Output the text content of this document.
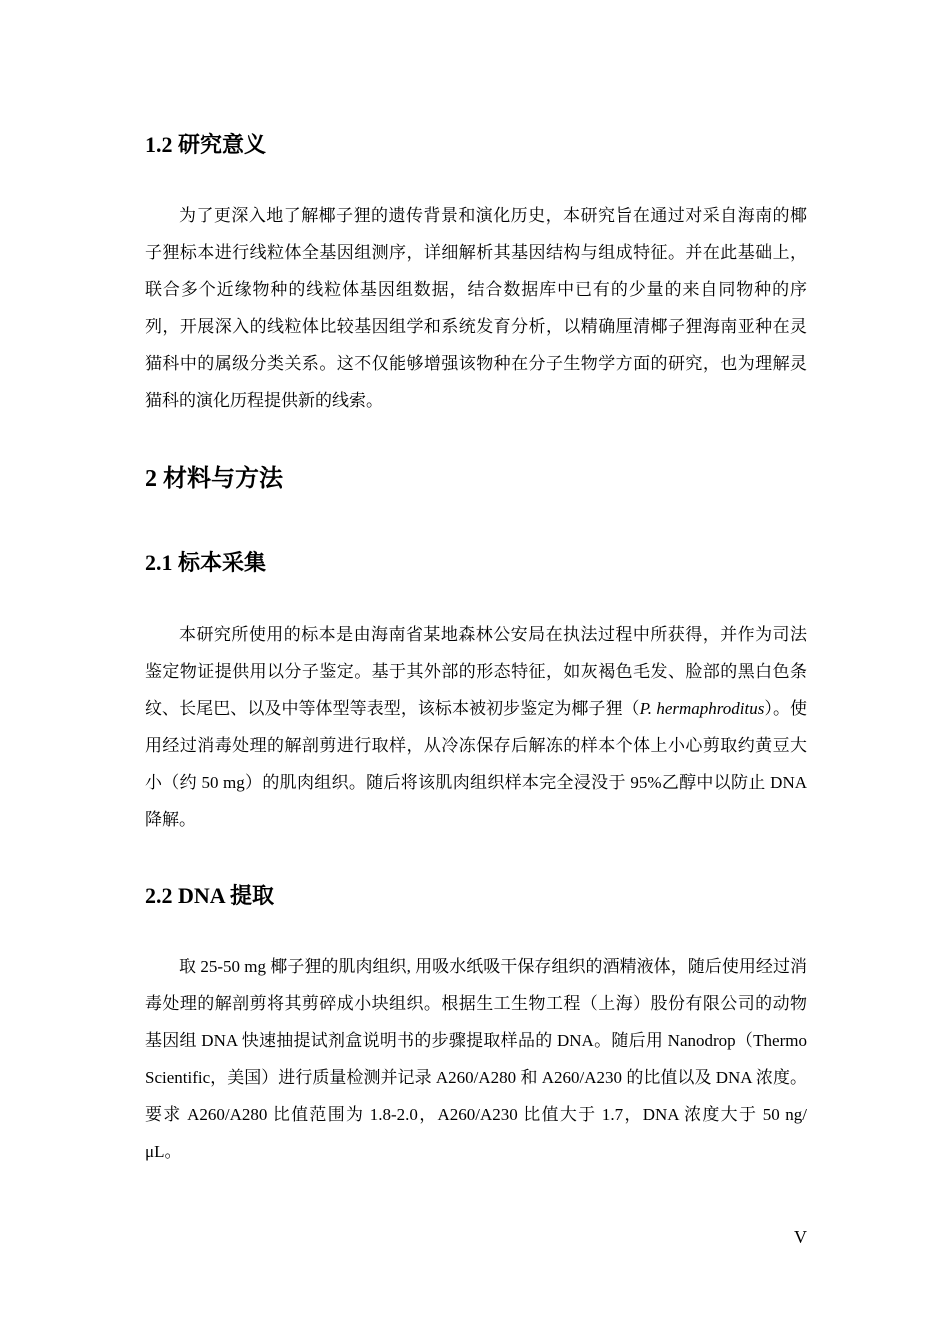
1.2 研究意义

为了更深入地了解椰子狸的遗传背景和演化历史，本研究旨在通过对采自海南的椰子狸标本进行线粒体全基因组测序，详细解析其基因结构与组成特征。并在此基础上，联合多个近缘物种的线粒体基因组数据，结合数据库中已有的少量的来自同物种的序列，开展深入的线粒体比较基因组学和系统发育分析，以精确厘清椰子狸海南亚种在灵猫科中的属级分类关系。这不仅能够增强该物种在分子生物学方面的研究，也为理解灵猫科的演化历程提供新的线索。

2 材料与方法
2.1 标本采集

本研究所使用的标本是由海南省某地森林公安局在执法过程中所获得，并作为司法鉴定物证提供用以分子鉴定。基于其外部的形态特征，如灰褐色毛发、脸部的黑白色条纹、长尾巴、以及中等体型等表型，该标本被初步鉴定为椰子狸（P. hermaphroditus）。使用经过消毒处理的解剖剪进行取样，从冷冻保存后解冻的样本个体上小心剪取约黄豆大小（约 50 mg）的肌肉组织。随后将该肌肉组织样本完全浸没于 95%乙醇中以防止 DNA 降解。

2.2 DNA 提取

取 25-50 mg 椰子狸的肌肉组织, 用吸水纸吸干保存组织的酒精液体，随后使用经过消毒处理的解剖剪将其剪碎成小块组织。根据生工生物工程（上海）股份有限公司的动物基因组 DNA 快速抽提试剂盒说明书的步骤提取样品的 DNA。随后用 Nanodrop（Thermo Scientific，美国）进行质量检测并记录 A260/A280 和 A260/A230 的比值以及 DNA 浓度。要求 A260/A280 比值范围为 1.8-2.0，A260/A230 比值大于 1.7，DNA 浓度大于 50 ng/μL。

V
